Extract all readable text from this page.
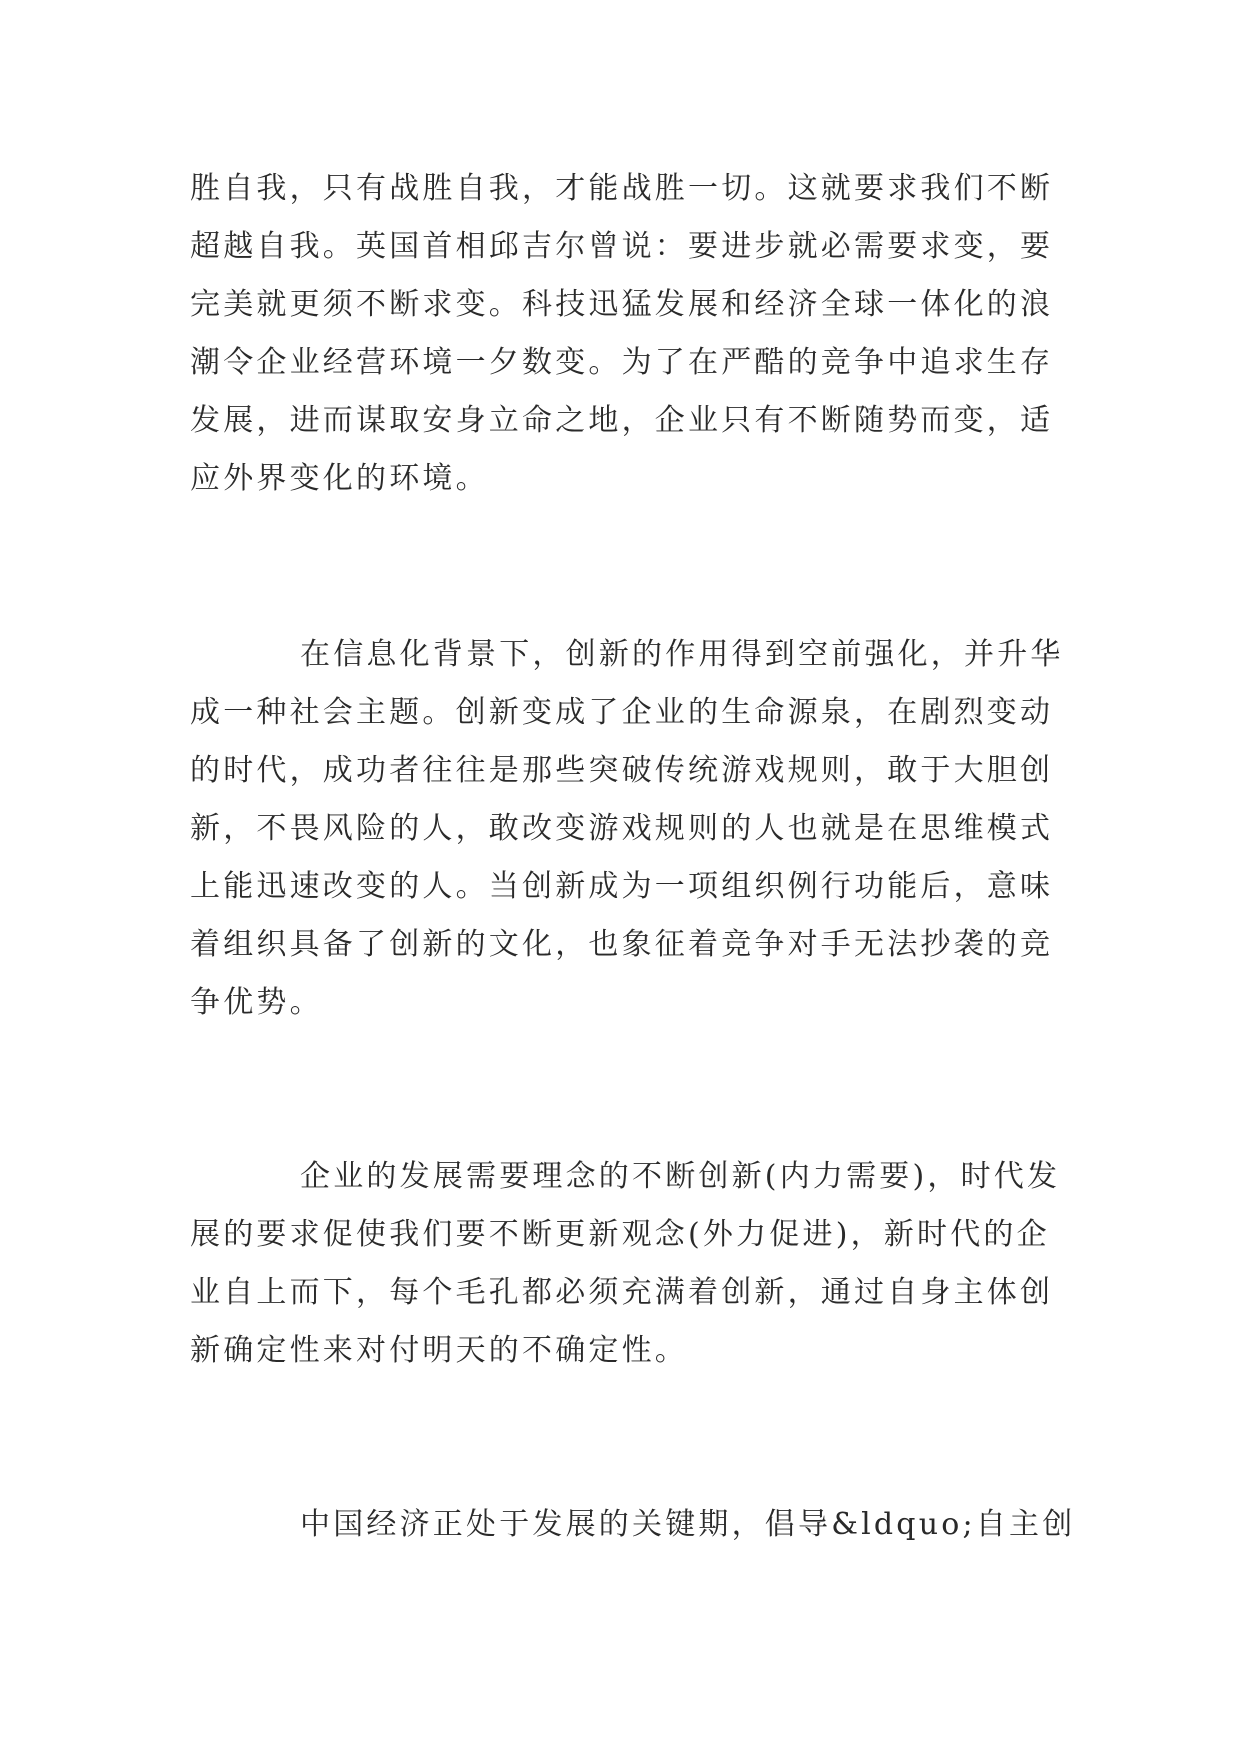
胜自我，只有战胜自我，才能战胜一切。这就要求我们不断
超越自我。英国首相邱吉尔曾说：要进步就必需要求变，要
完美就更须不断求变。科技迅猛发展和经济全球一体化的浪
潮令企业经营环境一夕数变。为了在严酷的竞争中追求生存
发展，进而谋取安身立命之地，企业只有不断随势而变，适
应外界变化的环境。
在信息化背景下，创新的作用得到空前强化，并升华
成一种社会主题。创新变成了企业的生命源泉，在剧烈变动
的时代，成功者往往是那些突破传统游戏规则，敢于大胆创
新，不畏风险的人，敢改变游戏规则的人也就是在思维模式
上能迅速改变的人。当创新成为一项组织例行功能后，意味
着组织具备了创新的文化，也象征着竞争对手无法抄袭的竞
争优势。
企业的发展需要理念的不断创新(内力需要)，时代发
展的要求促使我们要不断更新观念(外力促进)，新时代的企
业自上而下，每个毛孔都必须充满着创新，通过自身主体创
新确定性来对付明天的不确定性。
中国经济正处于发展的关键期，倡导&ldquo;自主创
